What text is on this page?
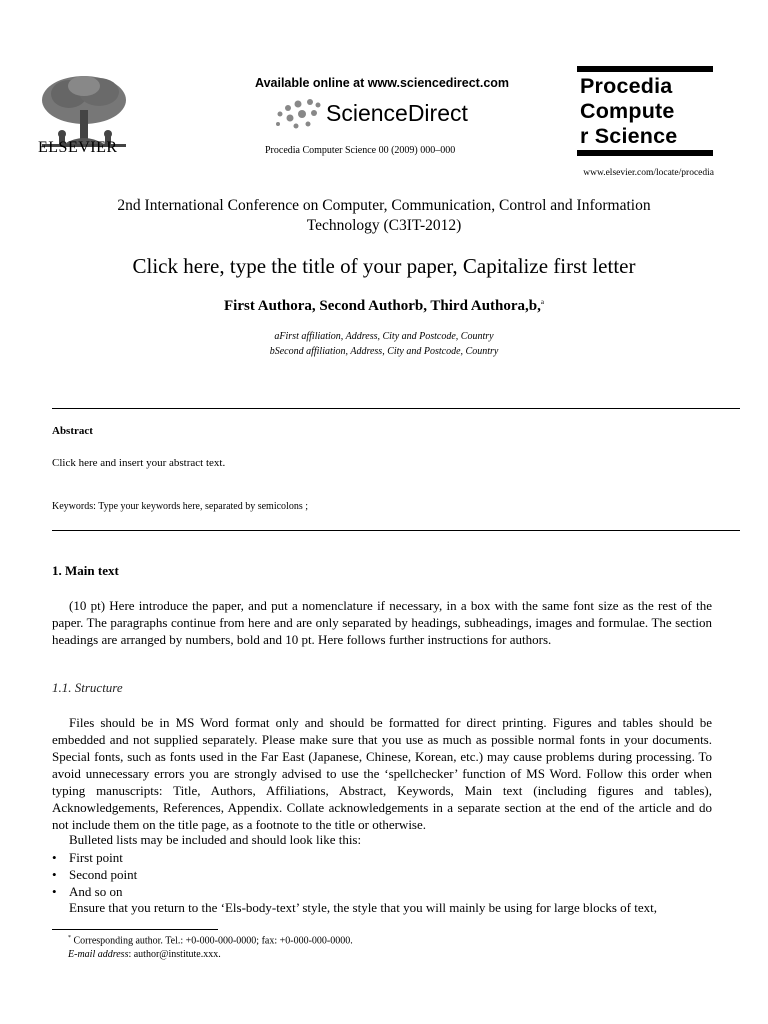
ELSEVIER
Available online at www.sciencedirect.com
ScienceDirect
Procedia Computer Science 00 (2009) 000–000
Procedia
Compute
r Science
www.elsevier.com/locate/procedia
2nd International Conference on Computer, Communication, Control and Information Technology (C3IT-2012)
Click here, type the title of your paper, Capitalize first letter
First Authora, Second Authorb, Third Authora,b,$^a$
aFirst affiliation, Address, City and Postcode, Country
bSecond affiliation, Address, City and Postcode, Country
Abstract
Click here and insert your abstract text.
Keywords: Type your keywords here, separated by semicolons ;
1. Main text

(10 pt) Here introduce the paper, and put a nomenclature if necessary, in a box with the same font size as the rest of the paper. The paragraphs continue from here and are only separated by headings, subheadings, images and formulae. The section headings are arranged by numbers, bold and 10 pt. Here follows further instructions for authors.

1.1. Structure

Files should be in MS Word format only and should be formatted for direct printing. Figures and tables should be embedded and not supplied separately. Please make sure that you use as much as possible normal fonts in your documents. Special fonts, such as fonts used in the Far East (Japanese, Chinese, Korean, etc.) may cause problems during processing. To avoid unnecessary errors you are strongly advised to use the ‘spellchecker’ function of MS Word. Follow this order when typing manuscripts: Title, Authors, Affiliations, Abstract, Keywords, Main text (including figures and tables), Acknowledgements, References, Appendix. Collate acknowledgements in a separate section at the end of the article and do not include them on the title page, as a footnote to the title or otherwise.

Bulleted lists may be included and should look like this:
• First point
• Second point
• And so on
Ensure that you return to the ‘Els-body-text’ style, the style that you will mainly be using for large blocks of text,
* Corresponding author. Tel.: +0-000-000-0000; fax: +0-000-000-0000.
E-mail address: author@institute.xxx.
